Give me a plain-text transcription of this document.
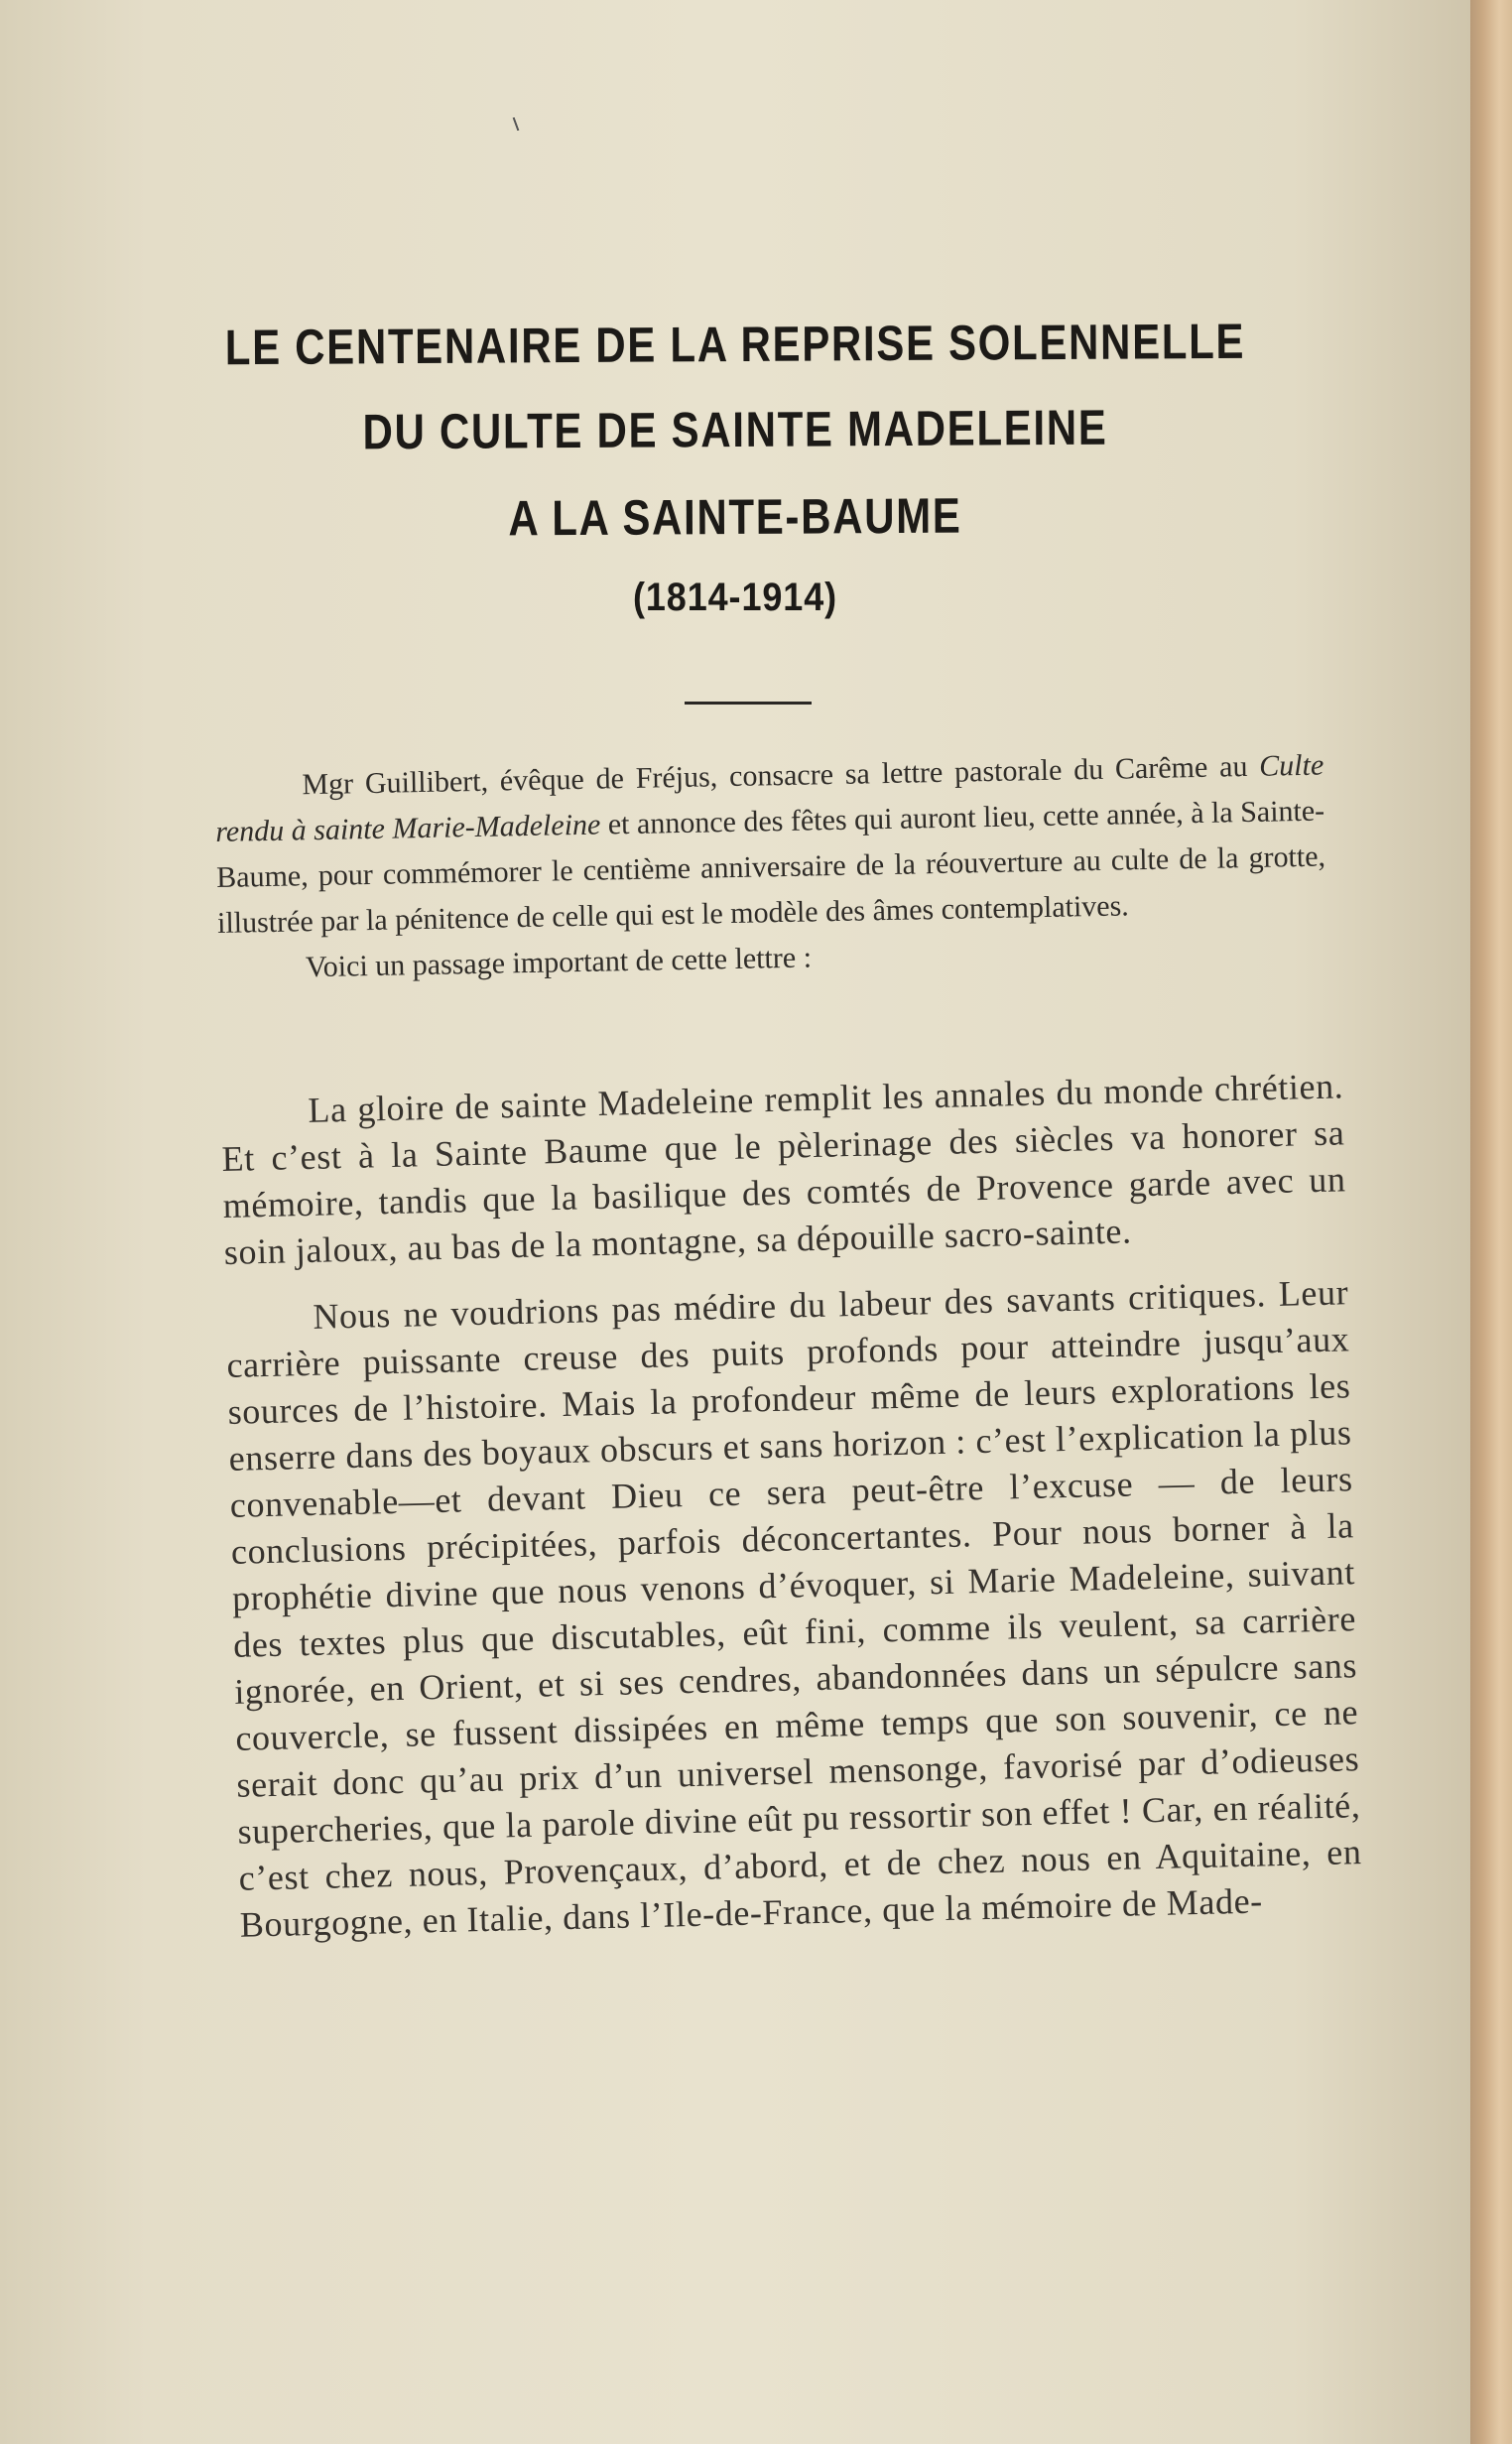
LE CENTENAIRE DE LA REPRISE SOLENNELLE
DU CULTE DE SAINTE MADELEINE
A LA SAINTE-BAUME
(1814-1914)

Mgr Guillibert, évêque de Fréjus, consacre sa lettre pastorale du Carême au Culte rendu à sainte Marie-Madeleine et annonce des fêtes qui auront lieu, cette année, à la Sainte-Baume, pour commémorer le centième anniversaire de la réouverture au culte de la grotte, illustrée par la pénitence de celle qui est le modèle des âmes contemplatives.

Voici un passage important de cette lettre :

La gloire de sainte Madeleine remplit les annales du monde chrétien. Et c’est à la Sainte Baume que le pèlerinage des siècles va honorer sa mémoire, tandis que la basilique des comtés de Provence garde avec un soin jaloux, au bas de la montagne, sa dépouille sacro-sainte.

Nous ne voudrions pas médire du labeur des savants critiques. Leur carrière puissante creuse des puits profonds pour atteindre jusqu’aux sources de l’histoire. Mais la profondeur même de leurs explorations les enserre dans des boyaux obscurs et sans horizon : c’est l’explication la plus convenable—et devant Dieu ce sera peut-être l’excuse — de leurs conclusions précipitées, parfois déconcertantes. Pour nous borner à la prophétie divine que nous venons d’évoquer, si Marie Madeleine, suivant des textes plus que discutables, eût fini, comme ils veulent, sa carrière ignorée, en Orient, et si ses cendres, abandonnées dans un sépulcre sans couvercle, se fussent dissipées en même temps que son souvenir, ce ne serait donc qu’au prix d’un universel mensonge, favorisé par d’odieuses supercheries, que la parole divine eût pu ressortir son effet ! Car, en réalité, c’est chez nous, Provençaux, d’abord, et de chez nous en Aquitaine, en Bourgogne, en Italie, dans l’Ile-de-France, que la mémoire de Made-
